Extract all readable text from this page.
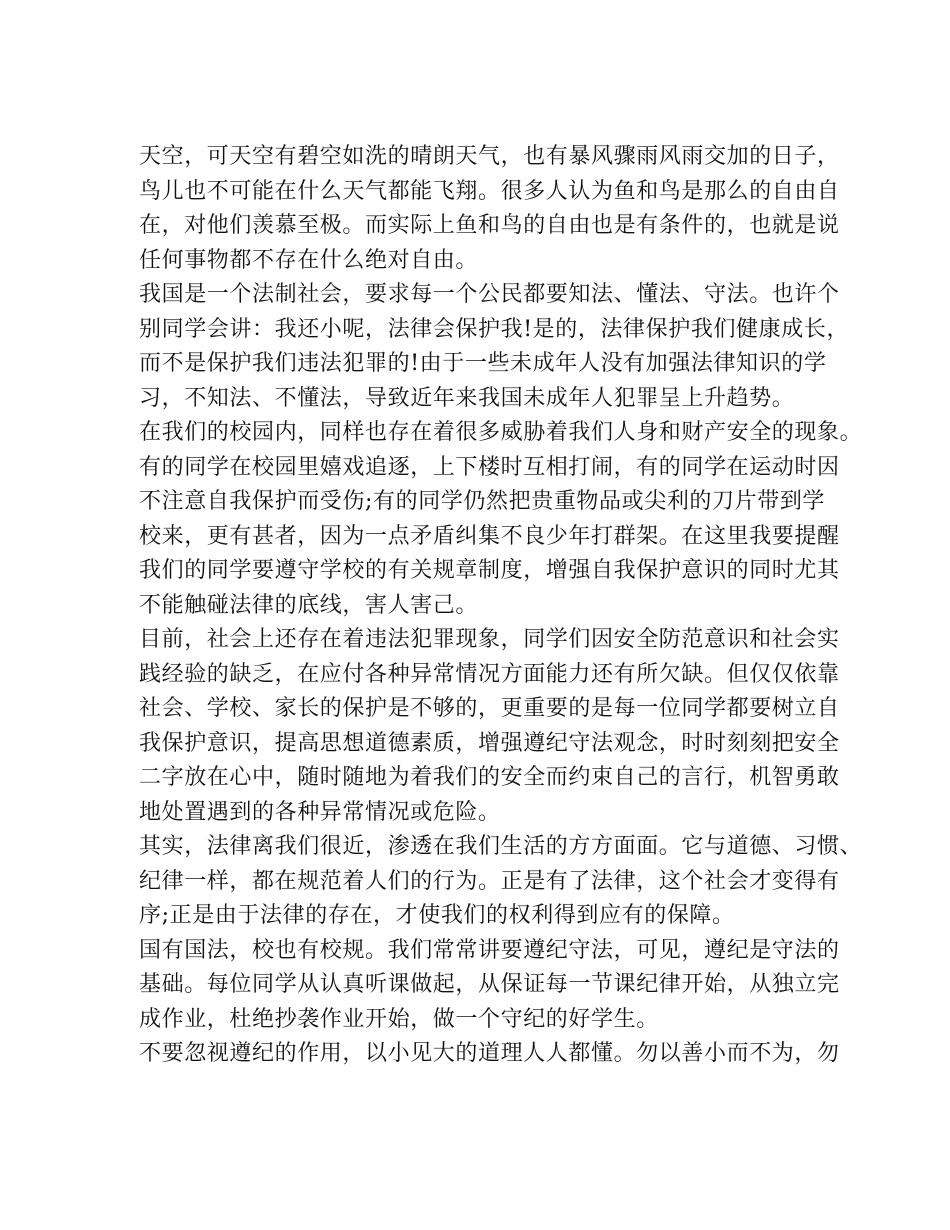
天空，可天空有碧空如洗的晴朗天气，也有暴风骤雨风雨交加的日子，
鸟儿也不可能在什么天气都能飞翔。很多人认为鱼和鸟是那么的自由自
在，对他们羡慕至极。而实际上鱼和鸟的自由也是有条件的，也就是说
任何事物都不存在什么绝对自由。
我国是一个法制社会，要求每一个公民都要知法、懂法、守法。也许个
别同学会讲：我还小呢，法律会保护我!是的，法律保护我们健康成长，
而不是保护我们违法犯罪的!由于一些未成年人没有加强法律知识的学
习，不知法、不懂法，导致近年来我国未成年人犯罪呈上升趋势。
在我们的校园内，同样也存在着很多威胁着我们人身和财产安全的现象。
有的同学在校园里嬉戏追逐，上下楼时互相打闹，有的同学在运动时因
不注意自我保护而受伤;有的同学仍然把贵重物品或尖利的刀片带到学
校来，更有甚者，因为一点矛盾纠集不良少年打群架。在这里我要提醒
我们的同学要遵守学校的有关规章制度，增强自我保护意识的同时尤其
不能触碰法律的底线，害人害己。
目前，社会上还存在着违法犯罪现象，同学们因安全防范意识和社会实
践经验的缺乏，在应付各种异常情况方面能力还有所欠缺。但仅仅依靠
社会、学校、家长的保护是不够的，更重要的是每一位同学都要树立自
我保护意识，提高思想道德素质，增强遵纪守法观念，时时刻刻把安全
二字放在心中，随时随地为着我们的安全而约束自己的言行，机智勇敢
地处置遇到的各种异常情况或危险。
其实，法律离我们很近，渗透在我们生活的方方面面。它与道德、习惯、
纪律一样，都在规范着人们的行为。正是有了法律，这个社会才变得有
序;正是由于法律的存在，才使我们的权利得到应有的保障。
国有国法，校也有校规。我们常常讲要遵纪守法，可见，遵纪是守法的
基础。每位同学从认真听课做起，从保证每一节课纪律开始，从独立完
成作业，杜绝抄袭作业开始，做一个守纪的好学生。
不要忽视遵纪的作用，以小见大的道理人人都懂。勿以善小而不为，勿
